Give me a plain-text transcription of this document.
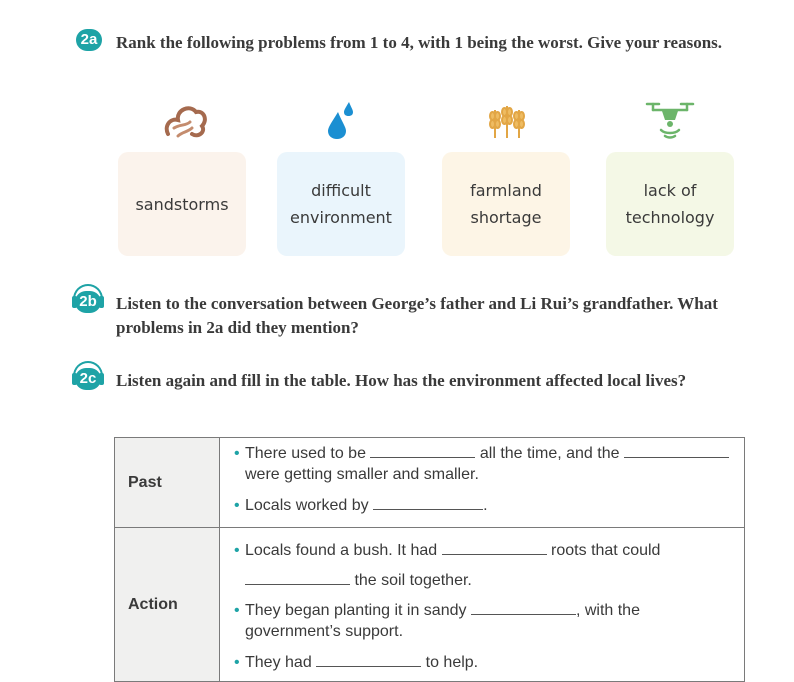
2a Rank the following problems from 1 to 4, with 1 being the worst. Give your reasons.
sandstorms
difficult
environment
farmland
shortage
lack of
technology
2b Listen to the conversation between George’s father and Li Rui’s grandfather. What problems in 2a did they mention?
2c Listen again and fill in the table. How has the environment affected local lives?
Past	• There used to be all the time, and the  were getting smaller and smaller.
• Locals worked by .

Action	• Locals found a bush. It had roots that could
the soil together.
• They began planting it in sandy , with the government’s support.
• They had to help.
